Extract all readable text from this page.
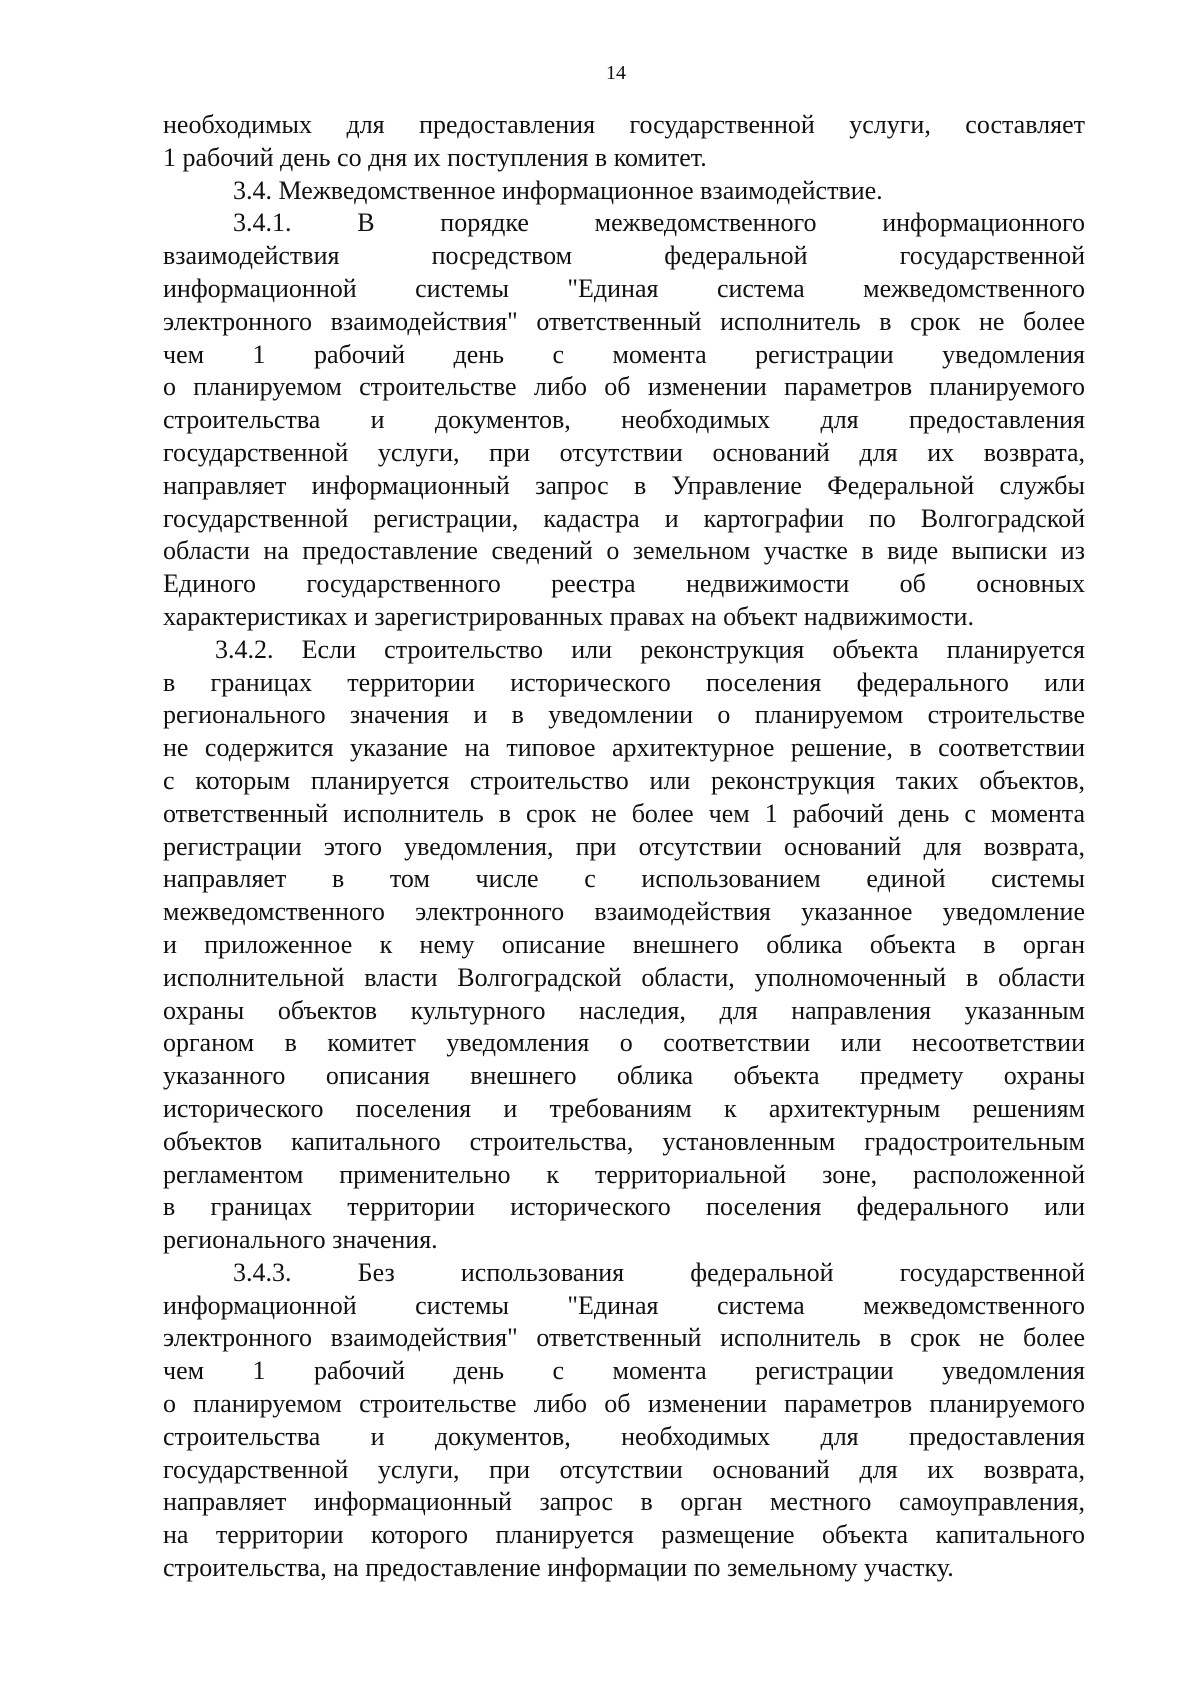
14
необходимых для предоставления государственной услуги, составляет
1 рабочий день со дня их поступления в комитет.
3.4. Межведомственное информационное взаимодействие.
3.4.1. В порядке межведомственного информационного
взаимодействия посредством федеральной государственной
информационной системы "Единая система межведомственного
электронного взаимодействия" ответственный исполнитель в срок не более
чем 1 рабочий день с момента регистрации уведомления
о планируемом строительстве либо об изменении параметров планируемого
строительства и документов, необходимых для предоставления
государственной услуги, при отсутствии оснований для их возврата,
направляет информационный запрос в Управление Федеральной службы
государственной регистрации, кадастра и картографии по Волгоградской
области на предоставление сведений о земельном участке в виде выписки из
Единого государственного реестра недвижимости об основных
характеристиках и зарегистрированных правах на объект надвижимости.
3.4.2. Если строительство или реконструкция объекта планируется
в границах территории исторического поселения федерального или
регионального значения и в уведомлении о планируемом строительстве
не содержится указание на типовое архитектурное решение, в соответствии
с которым планируется строительство или реконструкция таких объектов,
ответственный исполнитель в срок не более чем 1 рабочий день с момента
регистрации этого уведомления, при отсутствии оснований для возврата,
направляет в том числе с использованием единой системы
межведомственного электронного взаимодействия указанное уведомление
и приложенное к нему описание внешнего облика объекта в орган
исполнительной власти Волгоградской области, уполномоченный в области
охраны объектов культурного наследия, для направления указанным
органом в комитет уведомления о соответствии или несоответствии
указанного описания внешнего облика объекта предмету охраны
исторического поселения и требованиям к архитектурным решениям
объектов капитального строительства, установленным градостроительным
регламентом применительно к территориальной зоне, расположенной
в границах территории исторического поселения федерального или
регионального значения.
3.4.3. Без использования федеральной государственной
информационной системы "Единая система межведомственного
электронного взаимодействия" ответственный исполнитель в срок не более
чем 1 рабочий день с момента регистрации уведомления
о планируемом строительстве либо об изменении параметров планируемого
строительства и документов, необходимых для предоставления
государственной услуги, при отсутствии оснований для их возврата,
направляет информационный запрос в орган местного самоуправления,
на территории которого планируется размещение объекта капитального
строительства, на предоставление информации по земельному участку.
